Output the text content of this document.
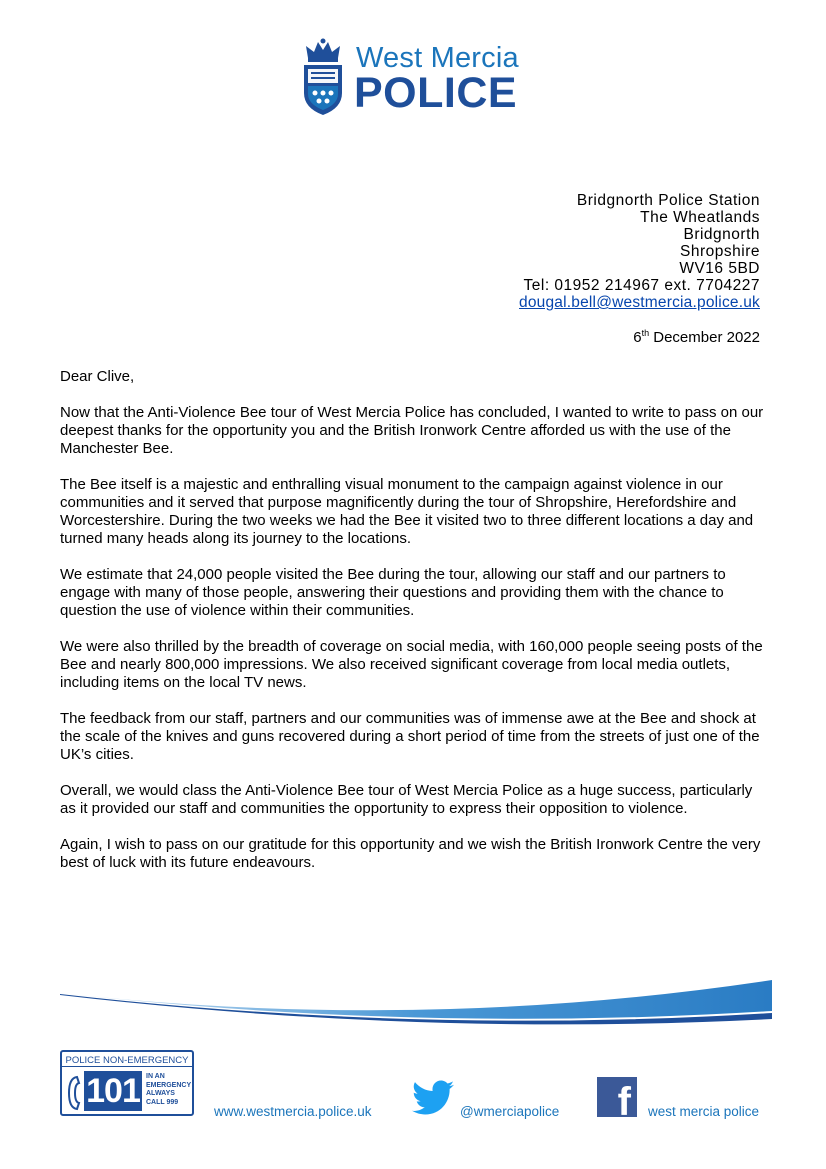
West Mercia
POLICE
Bridgnorth Police Station
The Wheatlands
Bridgnorth
Shropshire
WV16 5BD
Tel: 01952 214967 ext. 7704227
dougal.bell@westmercia.police.uk
6th December 2022

Dear Clive,

Now that the Anti-Violence Bee tour of West Mercia Police has concluded, I wanted to write to pass on our deepest thanks for the opportunity you and the British Ironwork Centre afforded us with the use of the Manchester Bee.

The Bee itself is a majestic and enthralling visual monument to the campaign against violence in our communities and it served that purpose magnificently during the tour of Shropshire, Herefordshire and Worcestershire. During the two weeks we had the Bee it visited two to three different locations a day and turned many heads along its journey to the locations.

We estimate that 24,000 people visited the Bee during the tour, allowing our staff and our partners to engage with many of those people, answering their questions and providing them with the chance to question the use of violence within their communities.

We were also thrilled by the breadth of coverage on social media, with 160,000 people seeing posts of the Bee and nearly 800,000 impressions. We also received significant coverage from local media outlets, including items on the local TV news.

The feedback from our staff, partners and our communities was of immense awe at the Bee and shock at the scale of the knives and guns recovered during a short period of time from the streets of just one of the UK’s cities.

Overall, we would class the Anti-Violence Bee tour of West Mercia Police as a huge success, particularly as it provided our staff and communities the opportunity to express their opposition to violence.

Again, I wish to pass on our gratitude for this opportunity and we wish the British Ironwork Centre the very best of luck with its future endeavours.

POLICE NON-EMERGENCY
101 IN AN
EMERGENCY
ALWAYS
CALL 999
www.westmercia.police.uk	@wmerciapolice f west mercia police
